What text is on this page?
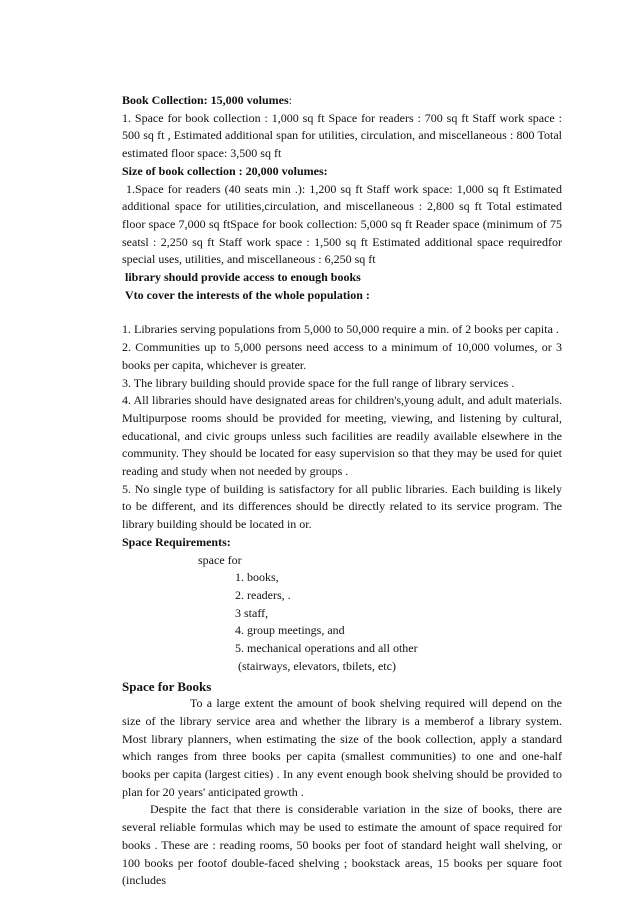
Book Collection: 15,000 volumes:

1. Space for book collection : 1,000 sq ft Space for readers : 700 sq ft Staff work space : 500 sq ft , Estimated additional span for utilities, circulation, and miscellaneous : 800 Total estimated floor space: 3,500 sq ft

Size of book collection : 20,000 volumes:

1.Space for readers (40 seats min .): 1,200 sq ft Staff work space: 1,000 sq ft Estimated additional space for utilities,circulation, and miscellaneous : 2,800 sq ft Total estimated floor space 7,000 sq ftSpace for book collection: 5,000 sq ft Reader space (minimum of 75 seatsl : 2,250 sq ft Staff work space : 1,500 sq ft Estimated additional space requiredfor special uses, utilities, and miscellaneous : 6,250 sq ft

library should provide access to enough books

Vto cover the interests of the whole population :

1. Libraries serving populations from 5,000 to 50,000 require a min. of 2 books per capita .

2. Communities up to 5,000 persons need access to a minimum of 10,000 volumes, or 3 books per capita, whichever is greater.

3. The library building should provide space for the full range of library services .

4. All libraries should have designated areas for children's,young adult, and adult materials. Multipurpose rooms should be provided for meeting, viewing, and listening by cultural, educational, and civic groups unless such facilities are readily available elsewhere in the community. They should be located for easy supervision so that they may be used for quiet reading and study when not needed by groups .

5. No single type of building is satisfactory for all public libraries. Each building is likely to be different, and its differences should be directly related to its service program. The library building should be located in or.

Space Requirements:

space for

1. books,

2. readers, .

3 staff,

4. group meetings, and

5. mechanical operations and all other

(stairways, elevators, tbilets, etc)

Space for Books

To a large extent the amount of book shelving required will depend on the size of the library service area and whether the library is a memberof a library system. Most library planners, when estimating the size of the book collection, apply a standard which ranges from three books per capita (smallest communities) to one and one-half books per capita (largest cities) . In any event enough book shelving should be provided to plan for 20 years' anticipated growth .

Despite the fact that there is considerable variation in the size of books, there are several reliable formulas which may be used to estimate the amount of space required for books . These are : reading rooms, 50 books per foot of standard height wall shelving, or 100 books per footof double-faced shelving ; bookstack areas, 15 books per square foot (includes
